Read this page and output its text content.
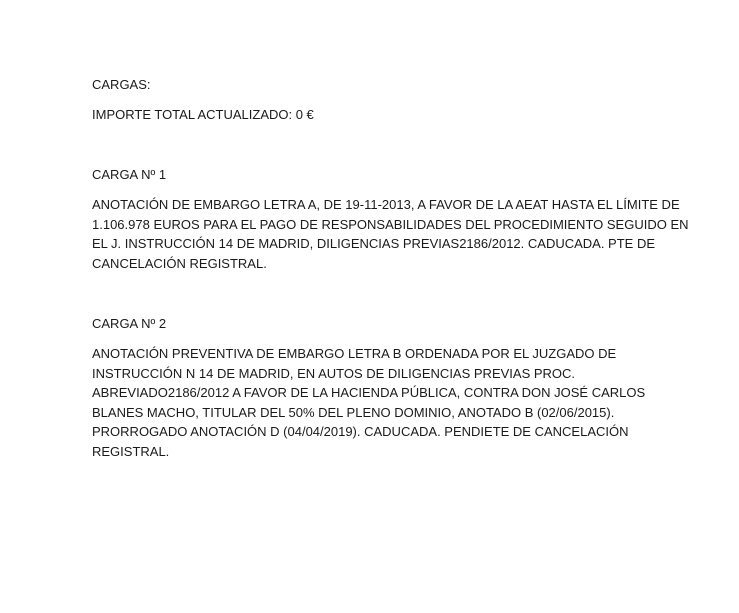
CARGAS:

IMPORTE TOTAL ACTUALIZADO: 0 €

CARGA Nº 1

ANOTACIÓN DE EMBARGO LETRA A, DE 19-11-2013, A FAVOR DE LA AEAT HASTA EL LÍMITE DE
1.106.978 EUROS PARA EL PAGO DE RESPONSABILIDADES DEL PROCEDIMIENTO SEGUIDO EN
EL J. INSTRUCCIÓN 14 DE MADRID, DILIGENCIAS PREVIAS2186/2012. CADUCADA. PTE DE
CANCELACIÓN REGISTRAL.

CARGA Nº 2

ANOTACIÓN PREVENTIVA DE EMBARGO LETRA B ORDENADA POR EL JUZGADO DE
INSTRUCCIÓN N 14 DE MADRID, EN AUTOS DE DILIGENCIAS PREVIAS PROC.
ABREVIADO2186/2012 A FAVOR DE LA HACIENDA PÚBLICA, CONTRA DON JOSÉ CARLOS
BLANES MACHO, TITULAR DEL 50% DEL PLENO DOMINIO, ANOTADO B (02/06/2015).
PRORROGADO ANOTACIÓN D (04/04/2019). CADUCADA. PENDIETE DE CANCELACIÓN
REGISTRAL.
